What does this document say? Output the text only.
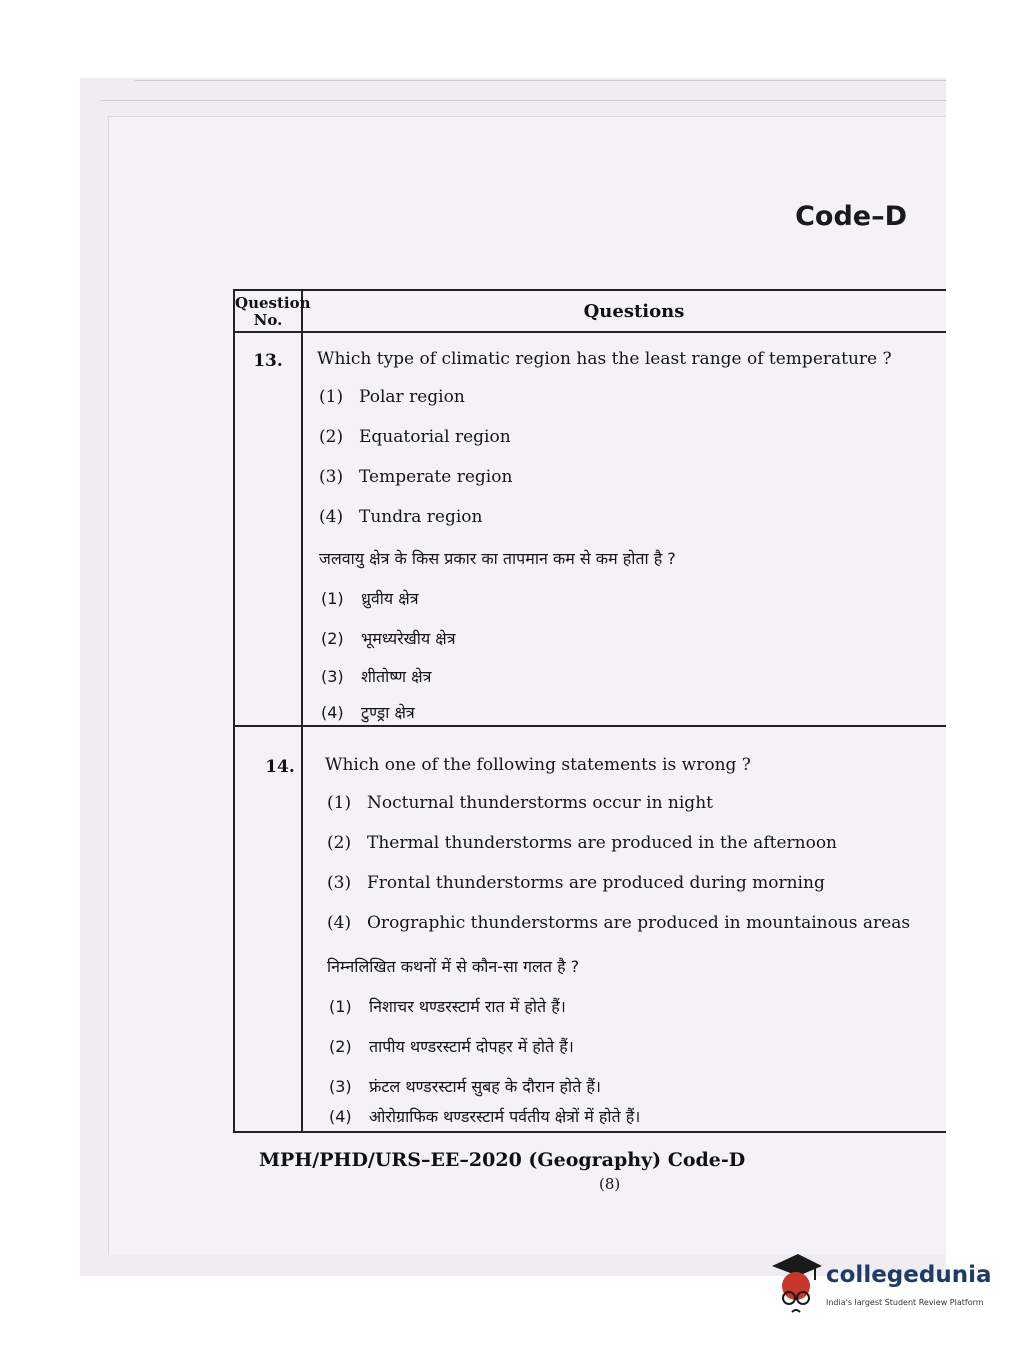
Code–D
Question
No.	Questions
13.	Which type of climatic region has the least range of temperature ?
(1) Polar region
(2) Equatorial region
(3) Temperate region
(4) Tundra region
जलवायु क्षेत्र के किस प्रकार का तापमान कम से कम होता है ?
(1) ध्रुवीय क्षेत्र
(2) भूमध्यरेखीय क्षेत्र
(3) शीतोष्ण क्षेत्र
(4) टुण्ड्रा क्षेत्र
14.	Which one of the following statements is wrong ?
(1) Nocturnal thunderstorms occur in night
(2) Thermal thunderstorms are produced in the afternoon
(3) Frontal thunderstorms are produced during morning
(4) Orographic thunderstorms are produced in mountainous areas
निम्नलिखित कथनों में से कौन-सा गलत है ?
(1) निशाचर थण्डरस्टार्म रात में होते हैं।
(2) तापीय थण्डरस्टार्म दोपहर में होते हैं।
(3) फ्रंटल थण्डरस्टार्म सुबह के दौरान होते हैं।
(4) ओरोग्राफिक थण्डरस्टार्म पर्वतीय क्षेत्रों में होते हैं।
MPH/PHD/URS–EE–2020 (Geography) Code-D
(8)
collegedunia
India's largest Student Review Platform
